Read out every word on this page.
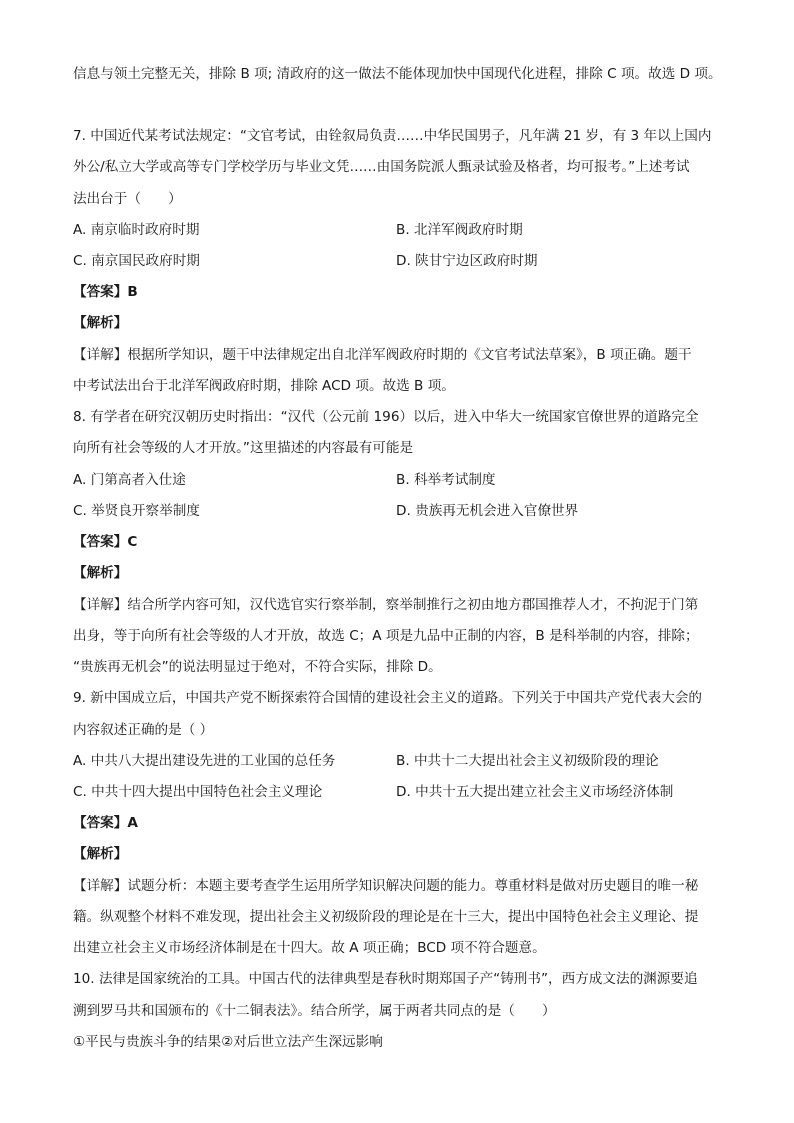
信息与领土完整无关，排除 B 项; 清政府的这一做法不能体现加快中国现代化进程，排除 C 项。故选 D 项。
7. 中国近代某考试法规定：“文官考试，由铨叙局负责……中华民国男子，凡年满 21 岁，有 3 年以上国内
外公/私立大学或高等专门学校学历与毕业文凭……由国务院派人甄录试验及格者，均可报考。”上述考试
法出台于（　　）
A. 南京临时政府时期	B. 北洋军阀政府时期
C. 南京国民政府时期	D. 陕甘宁边区政府时期
【答案】B
【解析】
【详解】根据所学知识，题干中法律规定出自北洋军阀政府时期的《文官考试法草案》，B 项正确。题干
中考试法出台于北洋军阀政府时期，排除 ACD 项。故选 B 项。
8. 有学者在研究汉朝历史时指出：“汉代（公元前 196）以后，进入中华大一统国家官僚世界的道路完全
向所有社会等级的人才开放。”这里描述的内容最有可能是
A. 门第高者入仕途	B. 科举考试制度
C. 举贤良开察举制度	D. 贵族再无机会进入官僚世界
【答案】C
【解析】
【详解】结合所学内容可知，汉代选官实行察举制，察举制推行之初由地方郡国推荐人才，不拘泥于门第
出身，等于向所有社会等级的人才开放，故选 C；A 项是九品中正制的内容，B 是科举制的内容，排除；
“贵族再无机会”的说法明显过于绝对，不符合实际，排除 D。
9. 新中国成立后，中国共产党不断探索符合国情的建设社会主义的道路。下列关于中国共产党代表大会的
内容叙述正确的是（ ）
A. 中共八大提出建设先进的工业国的总任务	B. 中共十二大提出社会主义初级阶段的理论
C. 中共十四大提出中国特色社会主义理论	D. 中共十五大提出建立社会主义市场经济体制
【答案】A
【解析】
【详解】试题分析：本题主要考查学生运用所学知识解决问题的能力。尊重材料是做对历史题目的唯一秘
籍。纵观整个材料不难发现，提出社会主义初级阶段的理论是在十三大，提出中国特色社会主义理论、提
出建立社会主义市场经济体制是在十四大。故 A 项正确；BCD 项不符合题意。
10. 法律是国家统治的工具。中国古代的法律典型是春秋时期郑国子产“铸刑书”，西方成文法的渊源要追
溯到罗马共和国颁布的《十二铜表法》。结合所学，属于两者共同点的是（　　）
①平民与贵族斗争的结果②对后世立法产生深远影响
